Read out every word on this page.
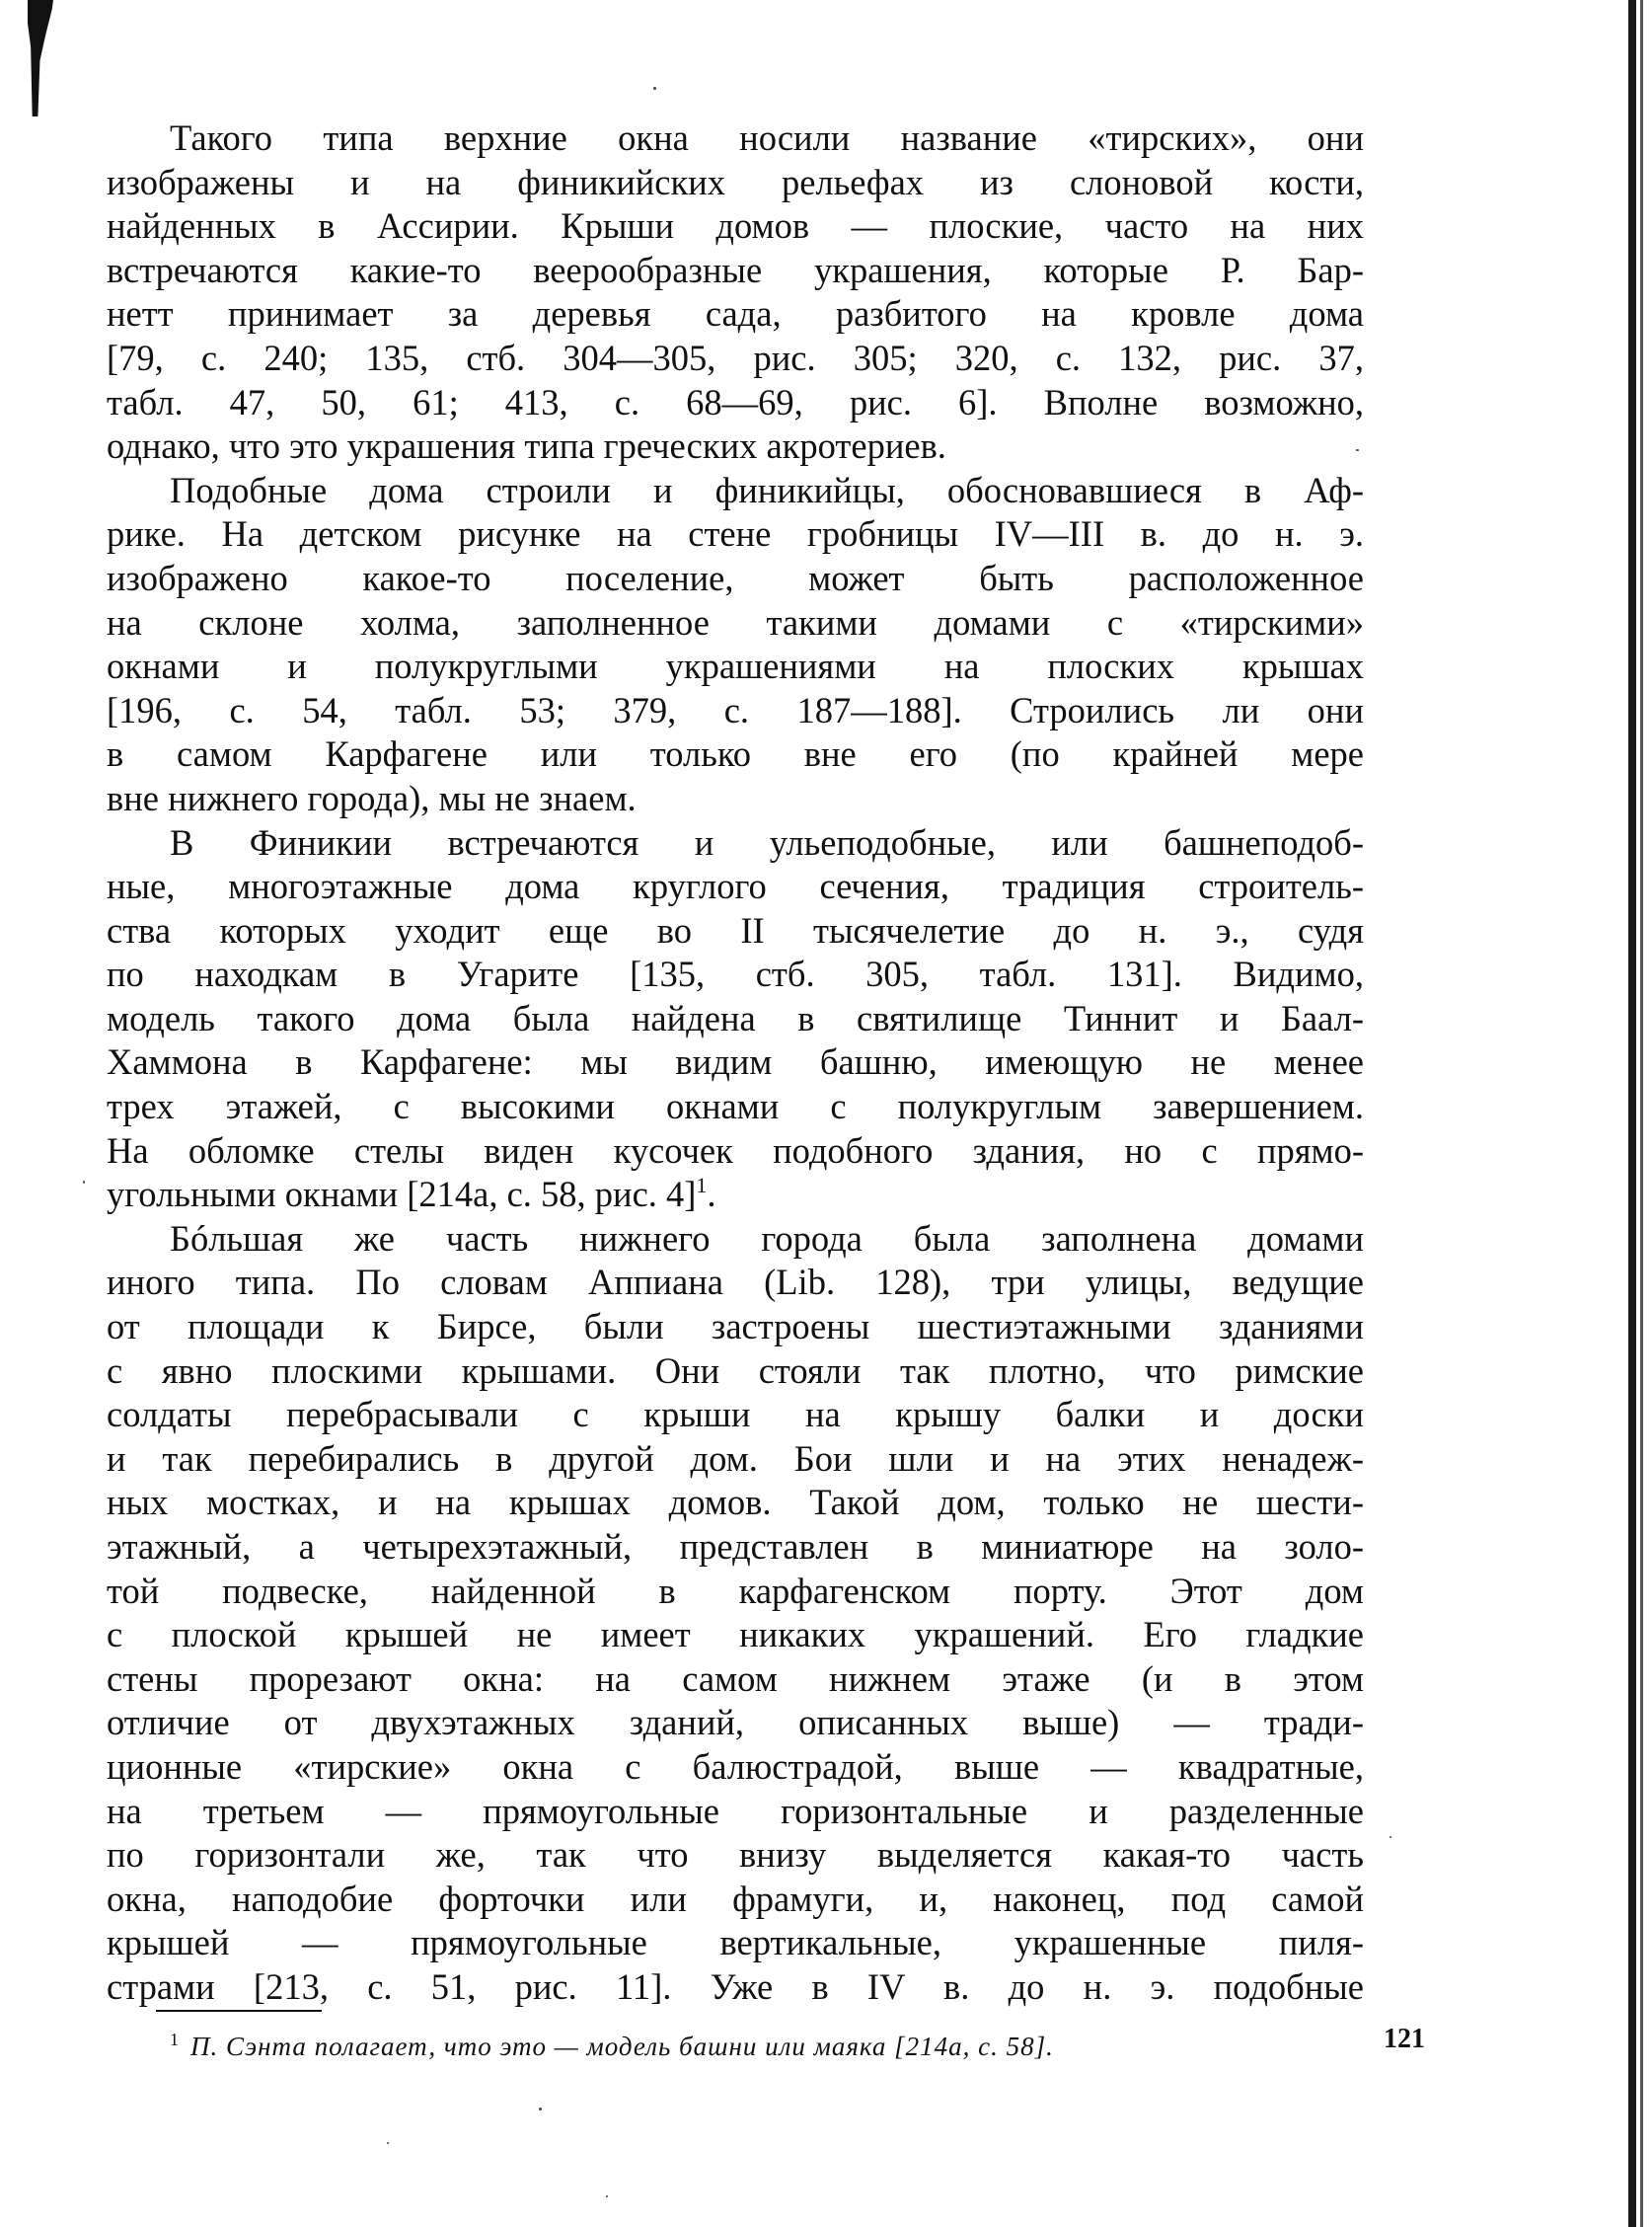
Такого типа верхние окна носили название «тирских», они
изображены и на финикийских рельефах из слоновой кости,
найденных в Ассирии. Крыши домов — плоские, часто на них
встречаются какие-то веерообразные украшения, которые Р. Бар-
нетт принимает за деревья сада, разбитого на кровле дома
[79, с. 240; 135, стб. 304—305, рис. 305; 320, с. 132, рис. 37,
табл. 47, 50, 61; 413, с. 68—69, рис. 6]. Вполне возможно,
однако, что это украшения типа греческих акротериев.
Подобные дома строили и финикийцы, обосновавшиеся в Аф-
рике. На детском рисунке на стене гробницы IV—III в. до н. э.
изображено какое-то поселение, может быть расположенное
на склоне холма, заполненное такими домами с «тирскими»
окнами и полукруглыми украшениями на плоских крышах
[196, с. 54, табл. 53; 379, с. 187—188]. Строились ли они
в самом Карфагене или только вне его (по крайней мере
вне нижнего города), мы не знаем.
В Финикии встречаются и ульеподобные, или башнеподоб-
ные, многоэтажные дома круглого сечения, традиция строитель-
ства которых уходит еще во II тысячелетие до н. э., судя
по находкам в Угарите [135, стб. 305, табл. 131]. Видимо,
модель такого дома была найдена в святилище Тиннит и Баал-
Хаммона в Карфагене: мы видим башню, имеющую не менее
трех этажей, с высокими окнами с полукруглым завершением.
На обломке стелы виден кусочек подобного здания, но с прямо-
угольными окнами [214а, с. 58, рис. 4]$^1$.
Бóльшая же часть нижнего города была заполнена домами
иного типа. По словам Аппиана (Lib. 128), три улицы, ведущие
от площади к Бирсе, были застроены шестиэтажными зданиями
с явно плоскими крышами. Они стояли так плотно, что римские
солдаты перебрасывали с крыши на крышу балки и доски
и так перебирались в другой дом. Бои шли и на этих ненадеж-
ных мостках, и на крышах домов. Такой дом, только не шести-
этажный, а четырехэтажный, представлен в миниатюре на золо-
той подвеске, найденной в карфагенском порту. Этот дом
с плоской крышей не имеет никаких украшений. Его гладкие
стены прорезают окна: на самом нижнем этаже (и в этом
отличие от двухэтажных зданий, описанных выше) — тради-
ционные «тирские» окна с балюстрадой, выше — квадратные,
на третьем — прямоугольные горизонтальные и разделенные
по горизонтали же, так что внизу выделяется какая-то часть
окна, наподобие форточки или фрамуги, и, наконец, под самой
крышей — прямоугольные вертикальные, украшенные пиля-
страми [213, с. 51, рис. 11]. Уже в IV в. до н. э. подобные
$^1$ П. Сэнта полагает, что это — модель башни или маяка [214а, с. 58].	121
